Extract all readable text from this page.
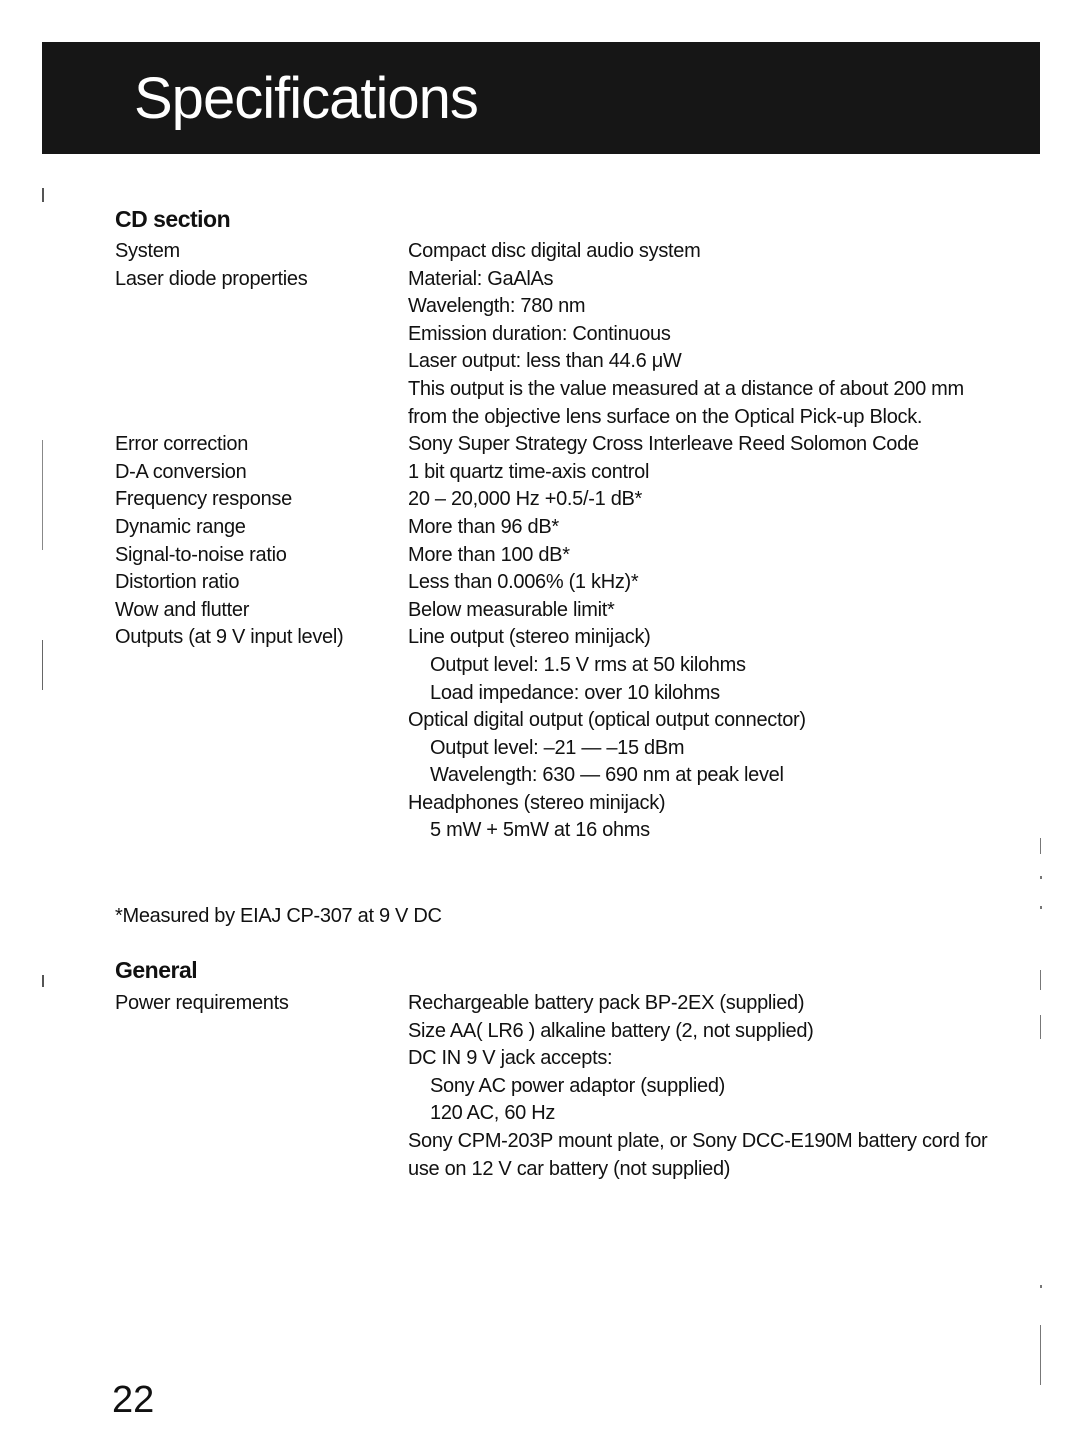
Specifications
CD section
System	Compact disc digital audio system
Laser diode properties	Material: GaAlAs
Wavelength: 780 nm
Emission duration: Continuous
Laser output: less than 44.6 μW
This output is the value measured at a distance of about 200 mm from the objective lens surface on the Optical Pick-up Block.
Error correction	Sony Super Strategy Cross Interleave Reed Solomon Code
D-A conversion	1 bit quartz time-axis control
Frequency response	20 – 20,000 Hz +0.5/-1 dB*
Dynamic range	More than 96 dB*
Signal-to-noise ratio	More than 100 dB*
Distortion ratio	Less than 0.006% (1 kHz)*
Wow and flutter	Below measurable limit*
Outputs (at 9 V input level)	Line output (stereo minijack)
Output level: 1.5 V rms at 50 kilohms
Load impedance: over 10 kilohms
Optical digital output (optical output connector)
Output level: –21 — –15 dBm
Wavelength: 630 — 690 nm at peak level
Headphones (stereo minijack)
5 mW + 5mW at 16 ohms
*Measured by EIAJ CP-307 at 9 V DC
General
Power requirements	Rechargeable battery pack BP-2EX (supplied)
Size AA( LR6 ) alkaline battery (2, not supplied)
DC IN 9 V jack accepts:
Sony AC power adaptor (supplied)
120 AC, 60 Hz
Sony CPM-203P mount plate, or Sony DCC-E190M battery cord for use on 12 V car battery (not supplied)
22
